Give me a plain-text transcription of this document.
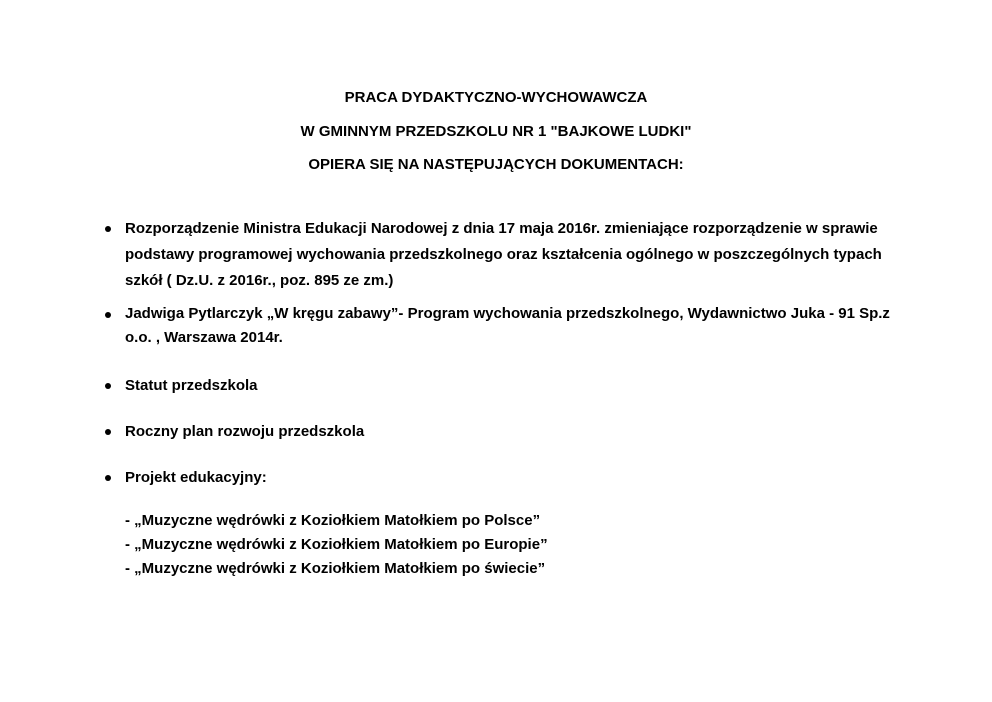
PRACA DYDAKTYCZNO-WYCHOWAWCZA
W GMINNYM PRZEDSZKOLU NR 1 "BAJKOWE LUDKI"
OPIERA SIĘ NA NASTĘPUJĄCYCH DOKUMENTACH:
Rozporządzenie Ministra Edukacji Narodowej z dnia 17 maja 2016r. zmieniające rozporządzenie w sprawie podstawy programowej wychowania przedszkolnego oraz kształcenia ogólnego w poszczególnych typach szkół ( Dz.U. z 2016r., poz. 895 ze zm.)
Jadwiga Pytlarczyk „W kręgu zabawy”- Program wychowania przedszkolnego, Wydawnictwo Juka - 91 Sp.z o.o. , Warszawa 2014r.
Statut przedszkola
Roczny plan rozwoju przedszkola
Projekt edukacyjny:
- „Muzyczne wędrówki z Koziołkiem Matołkiem po Polsce”
- „Muzyczne wędrówki z Koziołkiem Matołkiem po Europie”
- „Muzyczne wędrówki z Koziołkiem Matołkiem po świecie”
